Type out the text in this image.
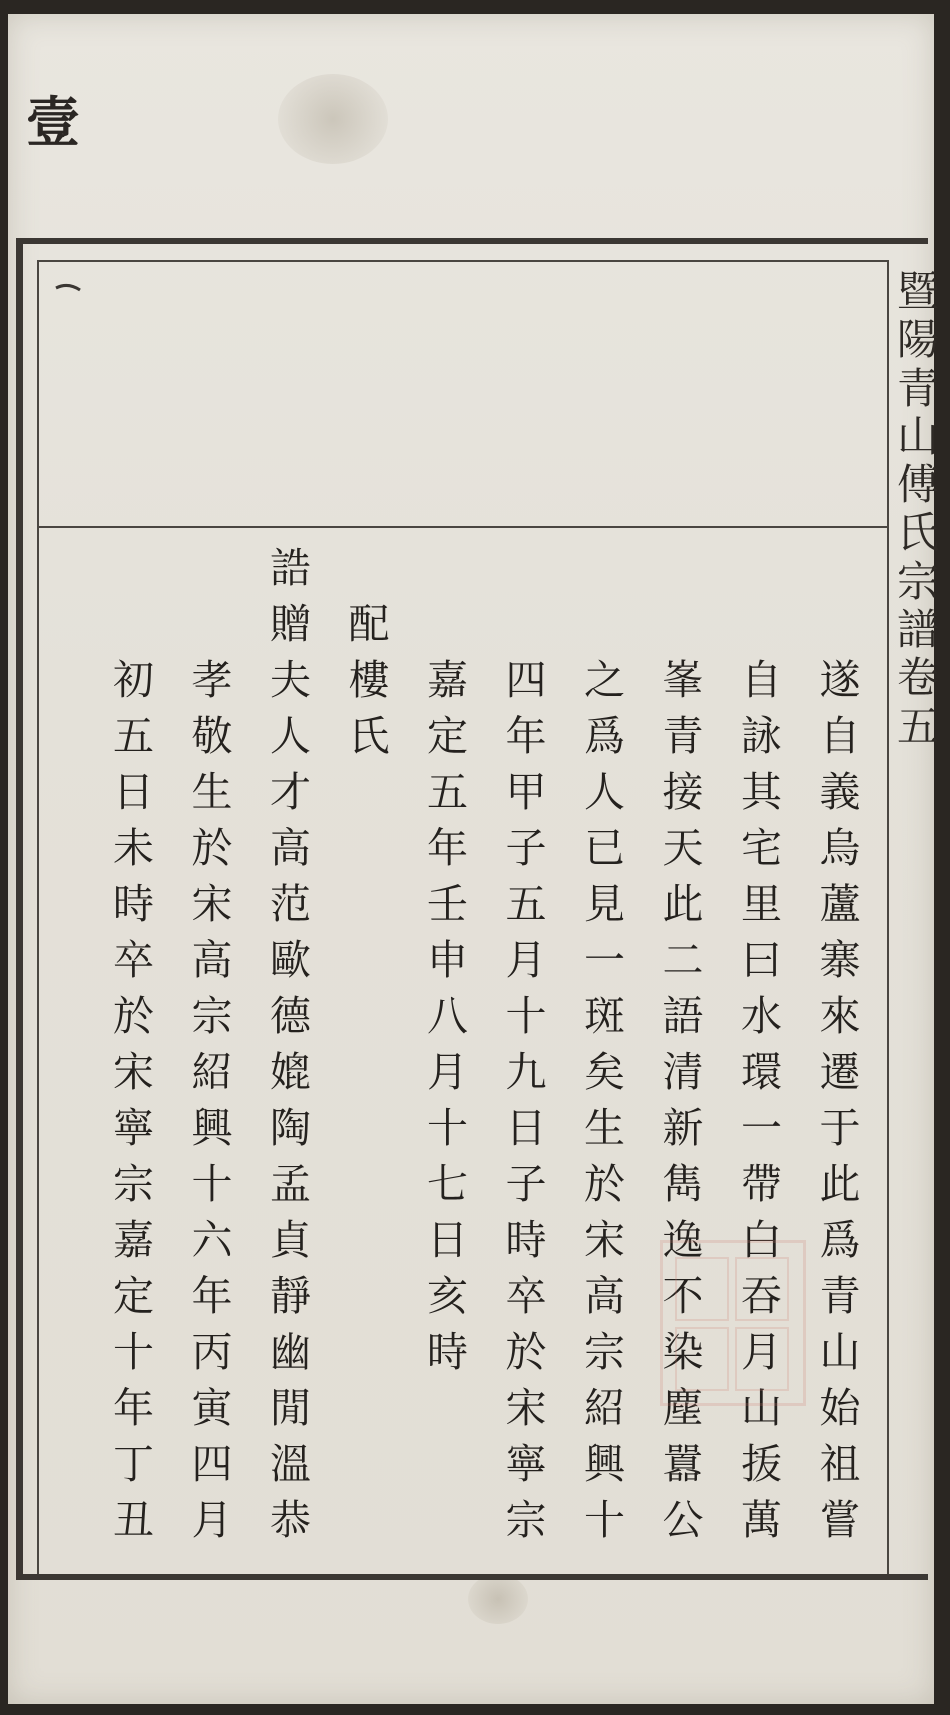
壹
暨
陽
青
山
傅
氏
宗
譜
卷
五
遂
自
義
烏
蘆
寨
來
遷
于
此
爲
青
山
始
祖
嘗
自
詠
其
宅
里
曰
水
環
一
帶
白
吞
月
山
㧞
萬
峯
青
接
天
此
二
語
清
新
雋
逸
不
染
塵
囂
公
之
爲
人
已
見
一
斑
矣
生
於
宋
高
宗
紹
興
十
四
年
甲
子
五
月
十
九
日
子
時
卒
於
宋
寧
宗
嘉
定
五
年
壬
申
八
月
十
七
日
亥
時
配
樓
氏
誥
贈
夫
人
才
高
范
歐
德
媲
陶
孟
貞
靜
幽
閒
溫
恭
孝
敬
生
於
宋
高
宗
紹
興
十
六
年
丙
寅
四
月
初
五
日
未
時
卒
於
宋
寧
宗
嘉
定
十
年
丁
丑
